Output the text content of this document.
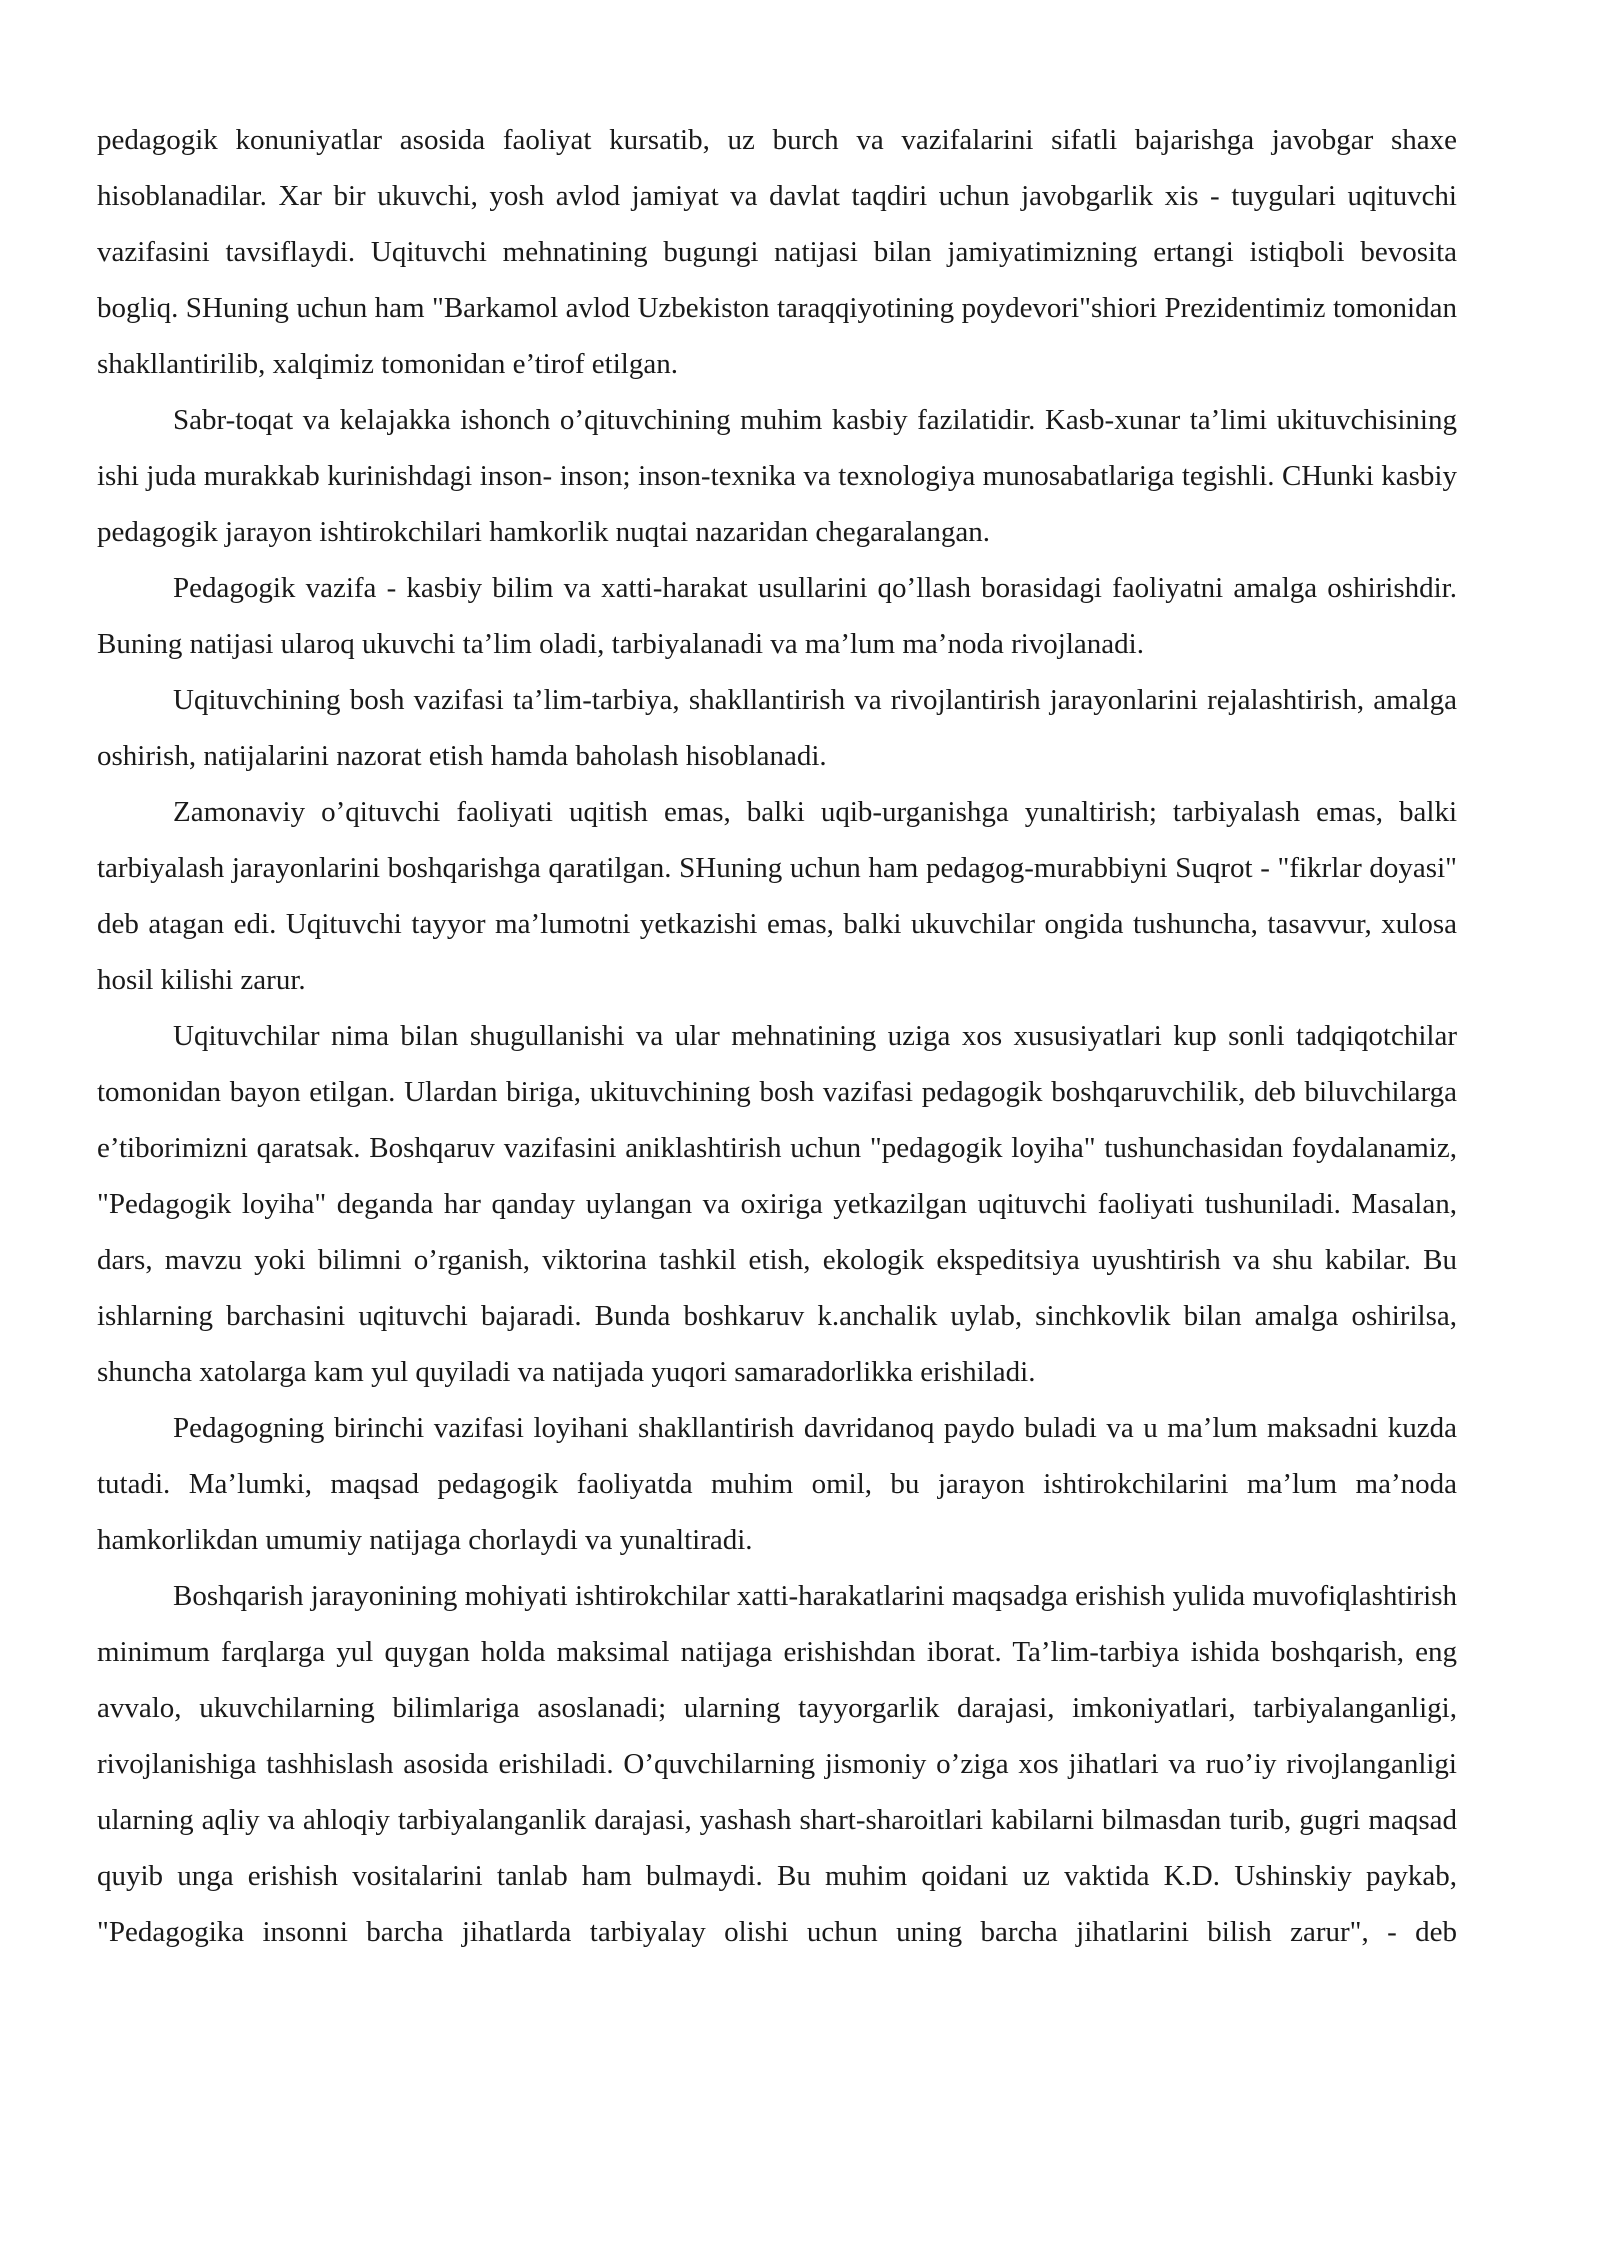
pedagogik konuniyatlar asosida faoliyat kursatib, uz burch va vazifalarini sifatli bajarishga javobgar shaxe hisoblanadilar. Xar bir ukuvchi, yosh avlod jamiyat va davlat taqdiri uchun javobgarlik xis - tuygulari uqituvchi vazifasini tavsiflaydi. Uqituvchi mehnatining bugungi natijasi bilan jamiyatimizning ertangi istiqboli bevosita bogliq. SHuning uchun ham "Barkamol avlod Uzbekiston taraqqiyotining poydevori"shiori Prezidentimiz tomonidan shakllantirilib, xalqimiz tomonidan e’tirof etilgan.

Sabr-toqat va kelajakka ishonch o’qituvchining muhim kasbiy fazilatidir. Kasb-xunar ta’limi ukituvchisining ishi juda murakkab kurinishdagi inson- inson; inson-texnika va texnologiya munosabatlariga tegishli. CHunki kasbiy pedagogik jarayon ishtirokchilari hamkorlik nuqtai nazaridan chegaralangan.

Pedagogik vazifa - kasbiy bilim va xatti-harakat usullarini qo’llash borasidagi faoliyatni amalga oshirishdir. Buning natijasi ularoq ukuvchi ta’lim oladi, tarbiyalanadi va ma’lum ma’noda rivojlanadi.

Uqituvchining bosh vazifasi ta’lim-tarbiya, shakllantirish va rivojlantirish jarayonlarini rejalashtirish, amalga oshirish, natijalarini nazorat etish hamda baholash hisoblanadi.

Zamonaviy o’qituvchi faoliyati uqitish emas, balki uqib-urganishga yunaltirish; tarbiyalash emas, balki tarbiyalash jarayonlarini boshqarishga qaratilgan. SHuning uchun ham pedagog-murabbiyni Suqrot - "fikrlar doyasi" deb atagan edi. Uqituvchi tayyor ma’lumotni yetkazishi emas, balki ukuvchilar ongida tushuncha, tasavvur, xulosa hosil kilishi zarur.

Uqituvchilar nima bilan shugullanishi va ular mehnatining uziga xos xususiyatlari kup sonli tadqiqotchilar tomonidan bayon etilgan. Ulardan biriga, ukituvchining bosh vazifasi pedagogik boshqaruvchilik, deb biluvchilarga e’tiborimizni qaratsak. Boshqaruv vazifasini aniklashtirish uchun "pedagogik loyiha" tushunchasidan foydalanamiz, "Pedagogik loyiha" deganda har qanday uylangan va oxiriga yetkazilgan uqituvchi faoliyati tushuniladi. Masalan, dars, mavzu yoki bilimni o’rganish, viktorina tashkil etish, ekologik ekspeditsiya uyushtirish va shu kabilar. Bu ishlarning barchasini uqituvchi bajaradi. Bunda boshkaruv k.anchalik uylab, sinchkovlik bilan amalga oshirilsa, shuncha xatolarga kam yul quyiladi va natijada yuqori samaradorlikka erishiladi.

Pedagogning birinchi vazifasi loyihani shakllantirish davridanoq paydo buladi va u ma’lum maksadni kuzda tutadi. Ma’lumki, maqsad pedagogik faoliyatda muhim omil, bu jarayon ishtirokchilarini ma’lum ma’noda hamkorlikdan umumiy natijaga chorlaydi va yunaltiradi.

Boshqarish jarayonining mohiyati ishtirokchilar xatti-harakatlarini maqsadga erishish yulida muvofiqlashtirish minimum farqlarga yul quygan holda maksimal natijaga erishishdan iborat. Ta’lim-tarbiya ishida boshqarish, eng avvalo, ukuvchilarning bilimlariga asoslanadi; ularning tayyorgarlik darajasi, imkoniyatlari, tarbiyalanganligi, rivojlanishiga tashhislash asosida erishiladi. O’quvchilarning jismoniy o’ziga xos jihatlari va ruo’iy rivojlanganligi ularning aqliy va ahloqiy tarbiyalanganlik darajasi, yashash shart-sharoitlari kabilarni bilmasdan turib, gugri maqsad quyib unga erishish vositalarini tanlab ham bulmaydi. Bu muhim qoidani uz vaktida K.D. Ushinskiy paykab, "Pedagogika insonni barcha jihatlarda tarbiyalay olishi uchun uning barcha jihatlarini bilish zarur", - deb
